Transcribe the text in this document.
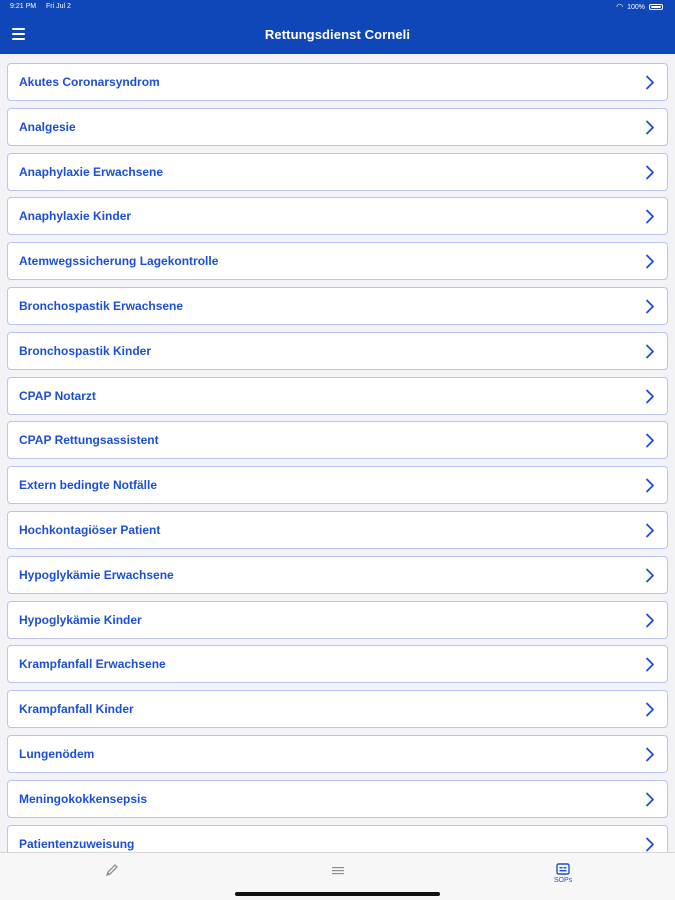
9:21 PM Fri Jul 2	◠ 100%
Rettungsdienst Corneli
Akutes Coronarsyndrom
Analgesie
Anaphylaxie Erwachsene
Anaphylaxie Kinder
Atemwegssicherung Lagekontrolle
Bronchospastik Erwachsene
Bronchospastik Kinder
CPAP Notarzt
CPAP Rettungsassistent
Extern bedingte Notfälle
Hochkontagiöser Patient
Hypoglykämie Erwachsene
Hypoglykämie Kinder
Krampfanfall Erwachsene
Krampfanfall Kinder
Lungenödem
Meningokokkensepsis
Patientenzuweisung
SOPs
